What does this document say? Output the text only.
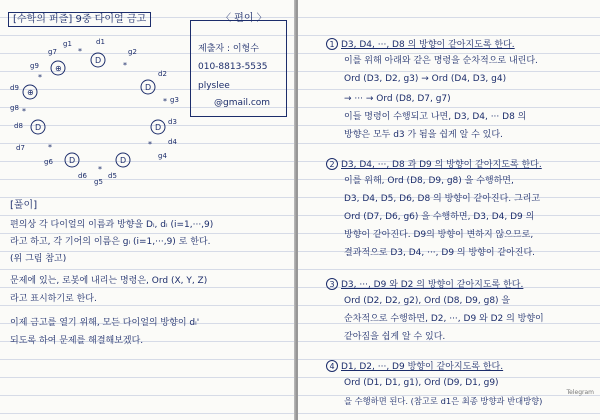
[수학의 퍼즐] 9중 다이얼 금고	〈 편이 〉
제출자 : 이형수
010-8813-5535
plyslee
@gmail.com
D
D
D
D
D
D
⊕
⊕
*
*
*
*
*
*
*
*
g1	d1
d2
g2
g3
d3
d4
g4
g5
d5
d6
g6
d7
d8
g8
d9
g9
g7
[풀이]
편의상 각 다이얼의 이름과 방향을 Dᵢ, dᵢ (i=1,···,9)
라고 하고, 각 기어의 이름은 gᵢ (i=1,···,9) 로 한다.
(위 그림 참고)
문제에 있는, 로봇에 내리는 명령은, Ord (X, Y, Z)
라고 표시하기로 한다.
이제 금고를 열기 위해, 모든 다이얼의 방향이 dᵢ'
되도록 하여 문제를 해결해보겠다.
1 D3, D4, ···, D8 의 방향이 같아지도록 한다.
이를 위해 아래와 같은 명령을 순차적으로 내린다.
Ord (D3, D2, g3) → Ord (D4, D3, g4)
→ ··· → Ord (D8, D7, g7)
이들 명령이 수행되고 나면, D3, D4, ··· D8 의
방향은 모두 d3 가 됨을 쉽게 알 수 있다.
2 D3, D4, ···, D8 과 D9 의 방향이 같아지도록 한다.
이를 위해, Ord (D8, D9, g8) 을 수행하면,
D3, D4, D5, D6, D8 의 방향이 같아진다. 그리고
Ord (D7, D6, g6) 을 수행하면, D3, D4, D9 의
방향이 같아진다. D9의 방향이 변하지 않으므로,
결과적으로 D3, D4, ···, D9 의 방향이 같아진다.
3 D3, ···, D9 와 D2 의 방향이 같아지도록 한다.
Ord (D2, D2, g2), Ord (D8, D9, g8) 을
순차적으로 수행하면, D2, ···, D9 와 D2 의 방향이
같아짐을 쉽게 알 수 있다.
4 D1, D2, ···, D9 방향이 같아지도록 한다.
Ord (D1, D1, g1), Ord (D9, D1, g9)
을 수행하면 된다. (참고로 d1은 최종 방향과 반대방향)
Telegram
